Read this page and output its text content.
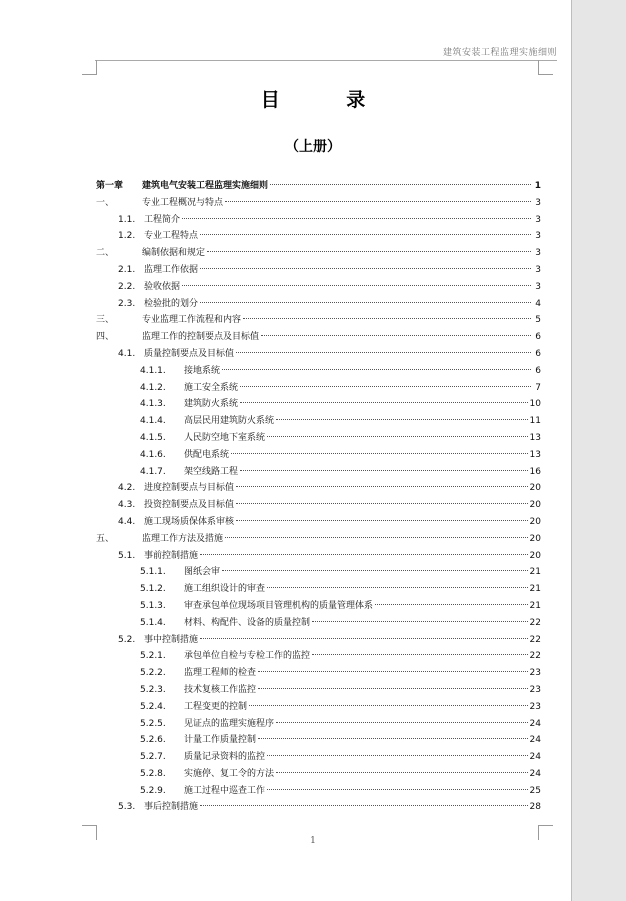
建筑安装工程监理实施细则
目 录
（上册）
第一章	建筑电气安装工程监理实施细则	1
一、	专业工程概况与特点	3
1.1. 工程简介	3
1.2. 专业工程特点	3
二、	编制依据和规定	3
2.1. 监理工作依据	3
2.2. 验收依据	3
2.3. 检验批的划分	4
三、	专业监理工作流程和内容	5
四、	监理工作的控制要点及目标值	6
4.1. 质量控制要点及目标值	6
4.1.1.	接地系统	6
4.1.2.	施工安全系统	7
4.1.3.	建筑防火系统	10
4.1.4.	高层民用建筑防火系统	11
4.1.5.	人民防空地下室系统	13
4.1.6.	供配电系统	13
4.1.7.	架空线路工程	16
4.2. 进度控制要点与目标值	20
4.3. 投资控制要点及目标值	20
4.4. 施工现场质保体系审核	20
五、	监理工作方法及措施	20
5.1. 事前控制措施	20
5.1.1.	图纸会审	21
5.1.2.	施工组织设计的审查	21
5.1.3.	审查承包单位现场项目管理机构的质量管理体系	21
5.1.4.	材料、构配件、设备的质量控制	22
5.2. 事中控制措施	22
5.2.1.	承包单位自检与专检工作的监控	22
5.2.2.	监理工程师的检查	23
5.2.3.	技术复核工作监控	23
5.2.4.	工程变更的控制	23
5.2.5.	见证点的监理实施程序	24
5.2.6.	计量工作质量控制	24
5.2.7.	质量记录资料的监控	24
5.2.8.	实施停、复工令的方法	24
5.2.9.	施工过程中巡查工作	25
5.3. 事后控制措施	28
1
